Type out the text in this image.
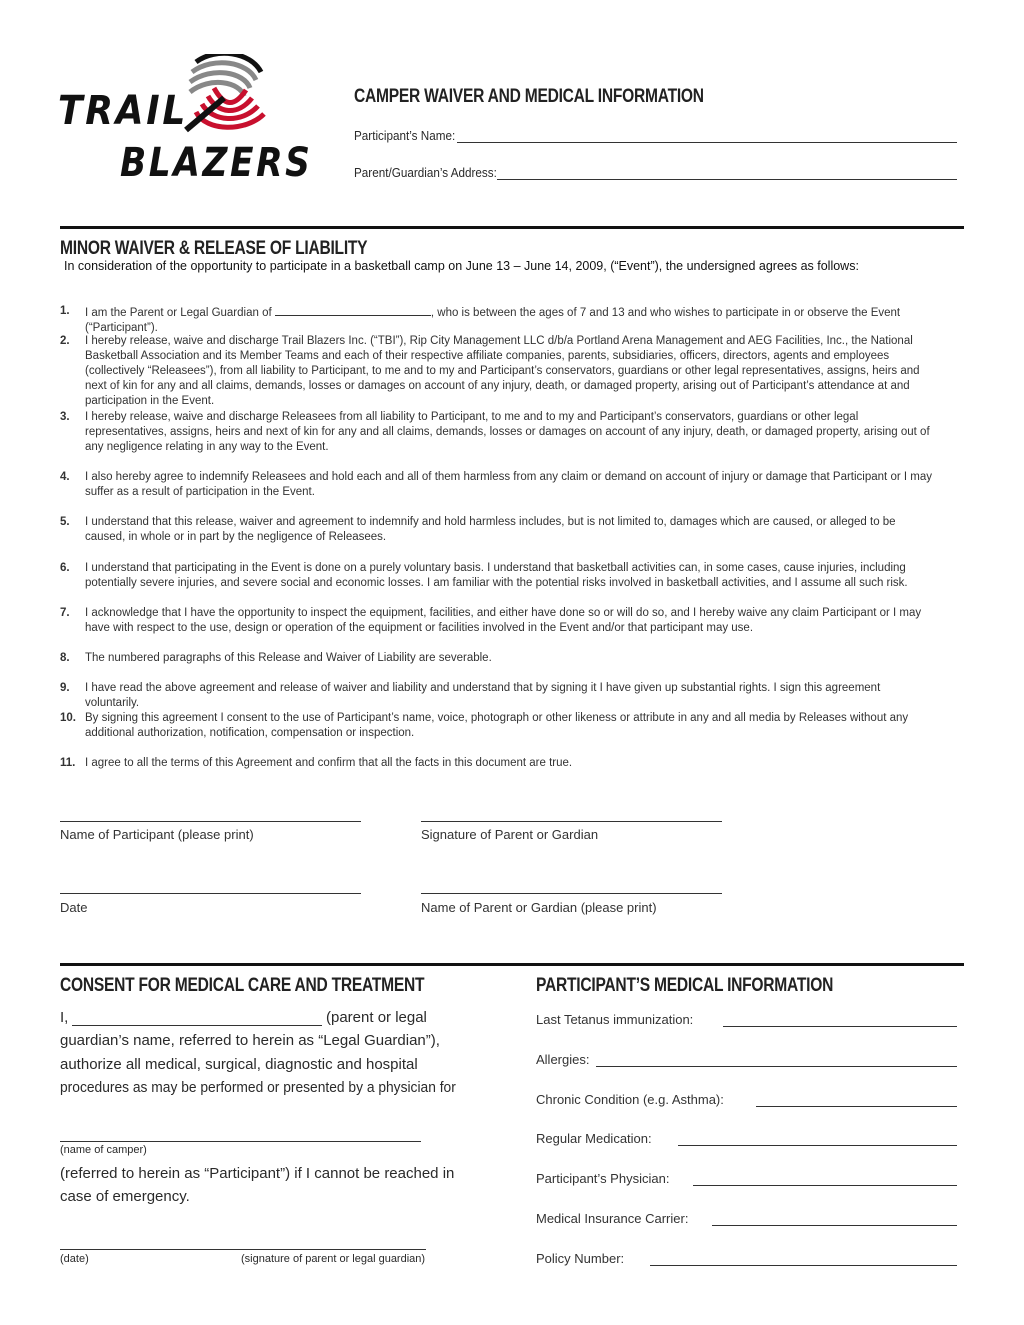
TRAIL
BLAZERS
CAMPER WAIVER AND MEDICAL INFORMATION
Participant’s Name:
Parent/Guardian’s Address:
MINOR WAIVER & RELEASE OF LIABILITY
In consideration of the opportunity to participate in a basketball camp on June 13 – June 14, 2009, (“Event”), the undersigned agrees as follows:
1. I am the Parent or Legal Guardian of	, who is between the ages of 7 and 13 and who wishes to participate in or observe the Event (“Participant”).
2. I hereby release, waive and discharge Trail Blazers Inc. (“TBI”), Rip City Management LLC d/b/a Portland Arena Management and AEG Facilities, Inc., the National Basketball Association and its Member Teams and each of their respective affiliate companies, parents, subsidiaries, officers, directors, agents and employees (collectively “Releasees”), from all liability to Participant, to me and to my and Participant’s conservators, guardians or other legal representatives, assigns, heirs and next of kin for any and all claims, demands, losses or damages on account of any injury, death, or damaged property, arising out of Participant’s attendance at and participation in the Event.
3. I hereby release, waive and discharge Releasees from all liability to Participant, to me and to my and Participant’s conservators, guardians or other legal representatives, assigns, heirs and next of kin for any and all claims, demands, losses or damages on account of any injury, death, or damaged property, arising out of any negligence relating in any way to the Event.
4. I also hereby agree to indemnify Releasees and hold each and all of them harmless from any claim or demand on account of injury or damage that Participant or I may suffer as a result of participation in the Event.
5. I understand that this release, waiver and agreement to indemnify and hold harmless includes, but is not limited to, damages which are caused, or alleged to be caused, in whole or in part by the negligence of Releasees.
6. I understand that participating in the Event is done on a purely voluntary basis. I understand that basketball activities can, in some cases, cause injuries, including potentially severe injuries, and severe social and economic losses. I am familiar with the potential risks involved in basketball activities, and I assume all such risk.
7. I acknowledge that I have the opportunity to inspect the equipment, facilities, and either have done so or will do so, and I hereby waive any claim Participant or I may have with respect to the use, design or operation of the equipment or facilities involved in the Event and/or that participant may use.
8. The numbered paragraphs of this Release and Waiver of Liability are severable.
9. I have read the above agreement and release of waiver and liability and understand that by signing it I have given up substantial rights. I sign this agreement voluntarily.
10. By signing this agreement I consent to the use of Participant’s name, voice, photograph or other likeness or attribute in any and all media by Releases without any additional authorization, notification, compensation or inspection.
11. I agree to all the terms of this Agreement and confirm that all the facts in this document are true.
Name of Participant (please print)	Signature of Parent or Gardian
Date	Name of Parent or Gardian (please print)
CONSENT FOR MEDICAL CARE AND TREATMENT
I,	(parent or legal
guardian’s name, referred to herein as “Legal Guardian”),
authorize all medical, surgical, diagnostic and hospital
procedures as may be performed or presented by a physician for
(name of camper)
(referred to herein as “Participant”) if I cannot be reached in
case of emergency.
(date)	(signature of parent or legal guardian)
PARTICIPANT’S MEDICAL INFORMATION
Last Tetanus immunization:
Allergies:
Chronic Condition (e.g. Asthma):
Regular Medication:
Participant’s Physician:
Medical Insurance Carrier:
Policy Number:
